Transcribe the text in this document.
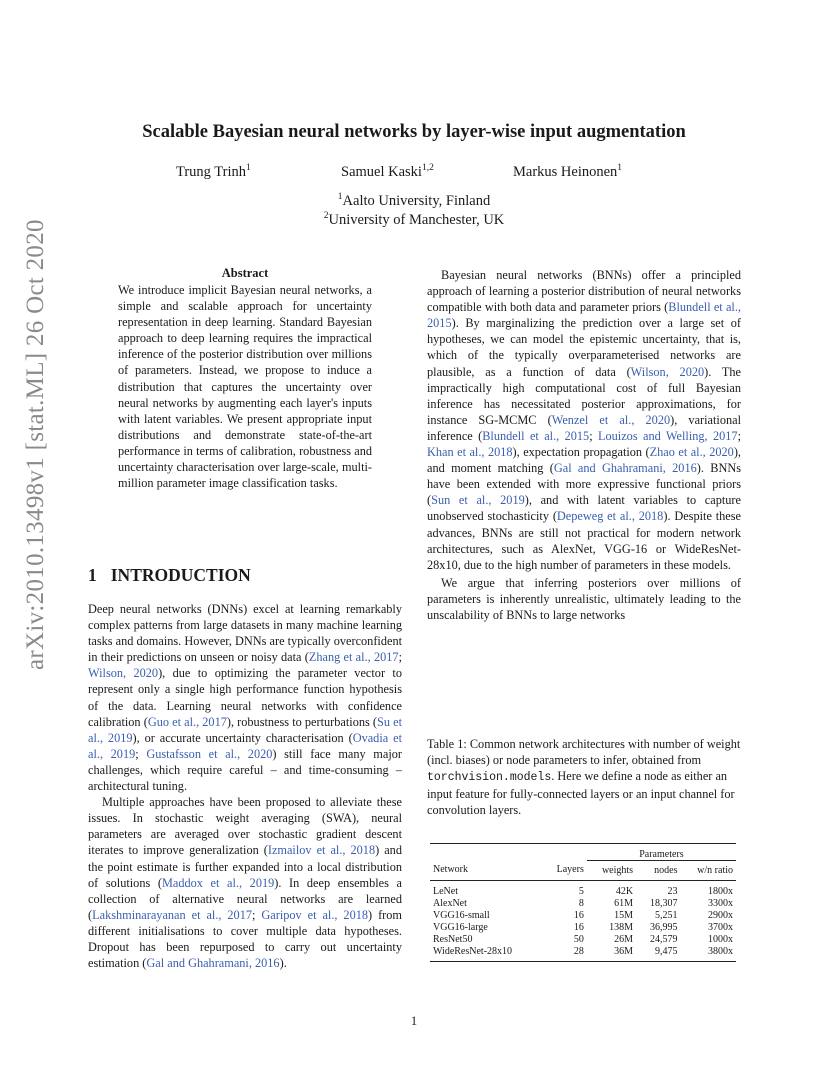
arXiv:2010.13498v1 [stat.ML] 26 Oct 2020
Scalable Bayesian neural networks by layer-wise input augmentation
Trung Trinh$^1$	Samuel Kaski$^{1,2}$	Markus Heinonen$^1$
$^1$Aalto University, Finland
$^2$University of Manchester, UK
Abstract
We introduce implicit Bayesian neural networks, a simple and scalable approach for uncertainty representation in deep learning. Standard Bayesian approach to deep learning requires the impractical inference of the posterior distribution over millions of parameters. Instead, we propose to induce a distribution that captures the uncertainty over neural networks by augmenting each layer's inputs with latent variables. We present appropriate input distributions and demonstrate state-of-the-art performance in terms of calibration, robustness and uncertainty characterisation over large-scale, multi-million parameter image classification tasks.
1 INTRODUCTION

Deep neural networks (DNNs) excel at learning remarkably complex patterns from large datasets in many machine learning tasks and domains. However, DNNs are typically overconfident in their predictions on unseen or noisy data (Zhang et al., 2017; Wilson, 2020), due to optimizing the parameter vector to represent only a single high performance function hypothesis of the data. Learning neural networks with confidence calibration (Guo et al., 2017), robustness to perturbations (Su et al., 2019), or accurate uncertainty characterisation (Ovadia et al., 2019; Gustafsson et al., 2020) still face many major challenges, which require careful – and time-consuming – architectural tuning.

Multiple approaches have been proposed to alleviate these issues. In stochastic weight averaging (SWA), neural parameters are averaged over stochastic gradient descent iterates to improve generalization (Izmailov et al., 2018) and the point estimate is further expanded into a local distribution of solutions (Maddox et al., 2019). In deep ensembles a collection of alternative neural networks are learned (Lakshminarayanan et al., 2017; Garipov et al., 2018) from different initialisations to cover multiple data hypotheses. Dropout has been repurposed to carry out uncertainty estimation (Gal and Ghahramani, 2016).

Bayesian neural networks (BNNs) offer a principled approach of learning a posterior distribution of neural networks compatible with both data and parameter priors (Blundell et al., 2015). By marginalizing the prediction over a large set of hypotheses, we can model the epistemic uncertainty, that is, which of the typically overparameterised networks are plausible, as a function of data (Wilson, 2020). The impractically high computational cost of full Bayesian inference has necessitated posterior approximations, for instance SG-MCMC (Wenzel et al., 2020), variational inference (Blundell et al., 2015; Louizos and Welling, 2017; Khan et al., 2018), expectation propagation (Zhao et al., 2020), and moment matching (Gal and Ghahramani, 2016). BNNs have been extended with more expressive functional priors (Sun et al., 2019), and with latent variables to capture unobserved stochasticity (Depeweg et al., 2018). Despite these advances, BNNs are still not practical for modern network architectures, such as AlexNet, VGG-16 or WideResNet-28x10, due to the high number of parameters in these models.

We argue that inferring posteriors over millions of parameters is inherently unrealistic, ultimately leading to the unscalability of BNNs to large networks

Table 1: Common network architectures with number of weight (incl. biases) or node parameters to infer, obtained from torchvision.models. Here we define a node as either an input feature for fully-connected layers or an input channel for convolution layers.
		Parameters		
Network	Layers	weights	nodes	w/n ratio
LeNet	5	42K	23	1800x
AlexNet	8	61M	18,307	3300x
VGG16-small	16	15M	5,251	2900x
VGG16-large	16	138M	36,995	3700x
ResNet50	50	26M	24,579	1000x
WideResNet-28x10	28	36M	9,475	3800x
1
